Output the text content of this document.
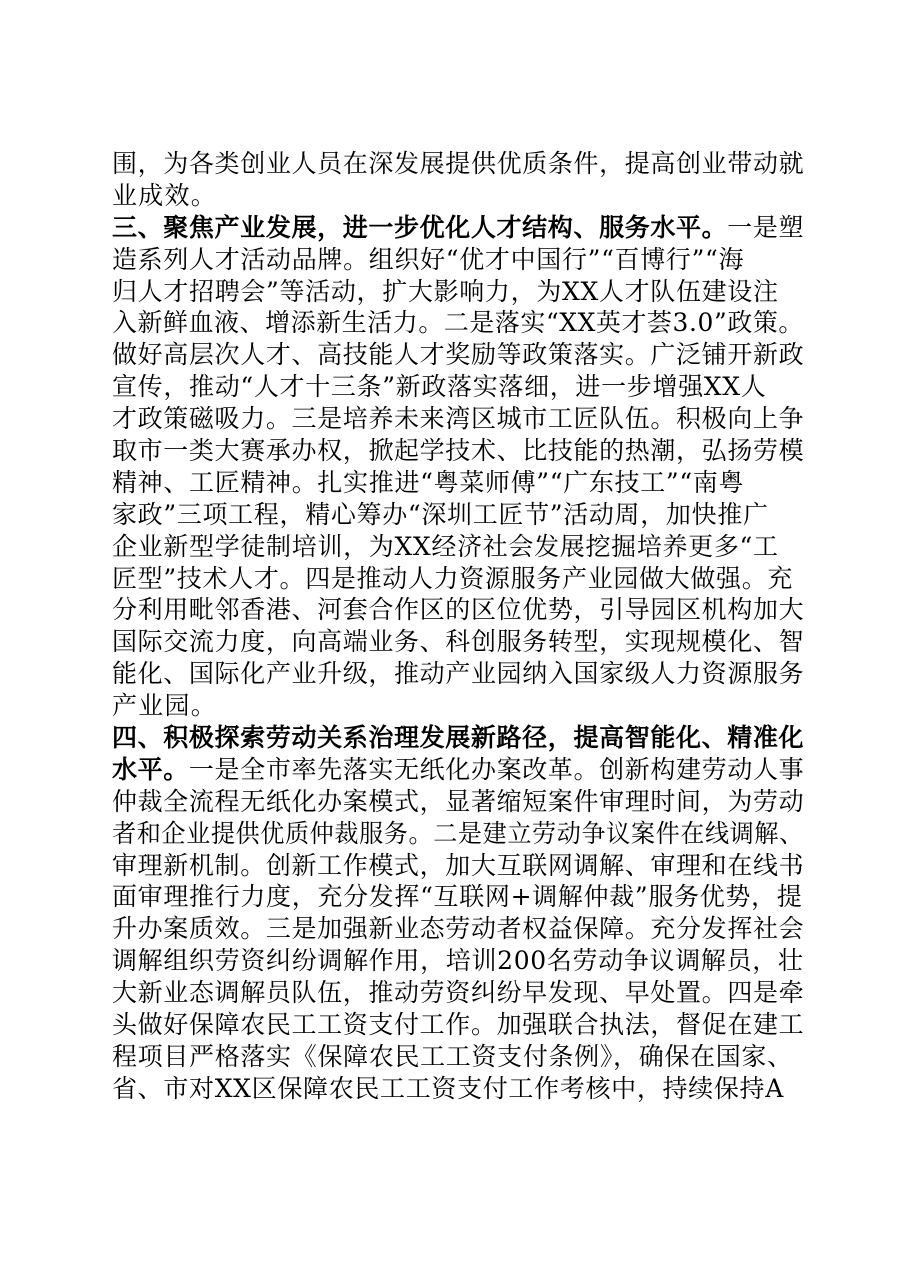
围，为各类创业人员在深发展提供优质条件，提高创业带动就
业成效。
三、聚焦产业发展，进一步优化人才结构、服务水平。一是塑
造系列人才活动品牌。组织好“优才中国行”“百博行”“海
归人才招聘会”等活动，扩大影响力，为XX人才队伍建设注
入新鲜血液、增添新生活力。二是落实“XX英才荟3.0”政策。
做好高层次人才、高技能人才奖励等政策落实。广泛铺开新政
宣传，推动“人才十三条”新政落实落细，进一步增强XX人
才政策磁吸力。三是培养未来湾区城市工匠队伍。积极向上争
取市一类大赛承办权，掀起学技术、比技能的热潮，弘扬劳模
精神、工匠精神。扎实推进“粤菜师傅”“广东技工”“南粤
家政”三项工程，精心筹办“深圳工匠节”活动周，加快推广
企业新型学徒制培训，为XX经济社会发展挖掘培养更多“工
匠型”技术人才。四是推动人力资源服务产业园做大做强。充
分利用毗邻香港、河套合作区的区位优势，引导园区机构加大
国际交流力度，向高端业务、科创服务转型，实现规模化、智
能化、国际化产业升级，推动产业园纳入国家级人力资源服务
产业园。
四、积极探索劳动关系治理发展新路径，提高智能化、精准化
水平。一是全市率先落实无纸化办案改革。创新构建劳动人事
仲裁全流程无纸化办案模式，显著缩短案件审理时间，为劳动
者和企业提供优质仲裁服务。二是建立劳动争议案件在线调解、
审理新机制。创新工作模式，加大互联网调解、审理和在线书
面审理推行力度，充分发挥“互联网+调解仲裁”服务优势，提
升办案质效。三是加强新业态劳动者权益保障。充分发挥社会
调解组织劳资纠纷调解作用，培训200名劳动争议调解员，壮
大新业态调解员队伍，推动劳资纠纷早发现、早处置。四是牵
头做好保障农民工工资支付工作。加强联合执法，督促在建工
程项目严格落实《保障农民工工资支付条例》，确保在国家、
省、市对XX区保障农民工工资支付工作考核中，持续保持A
